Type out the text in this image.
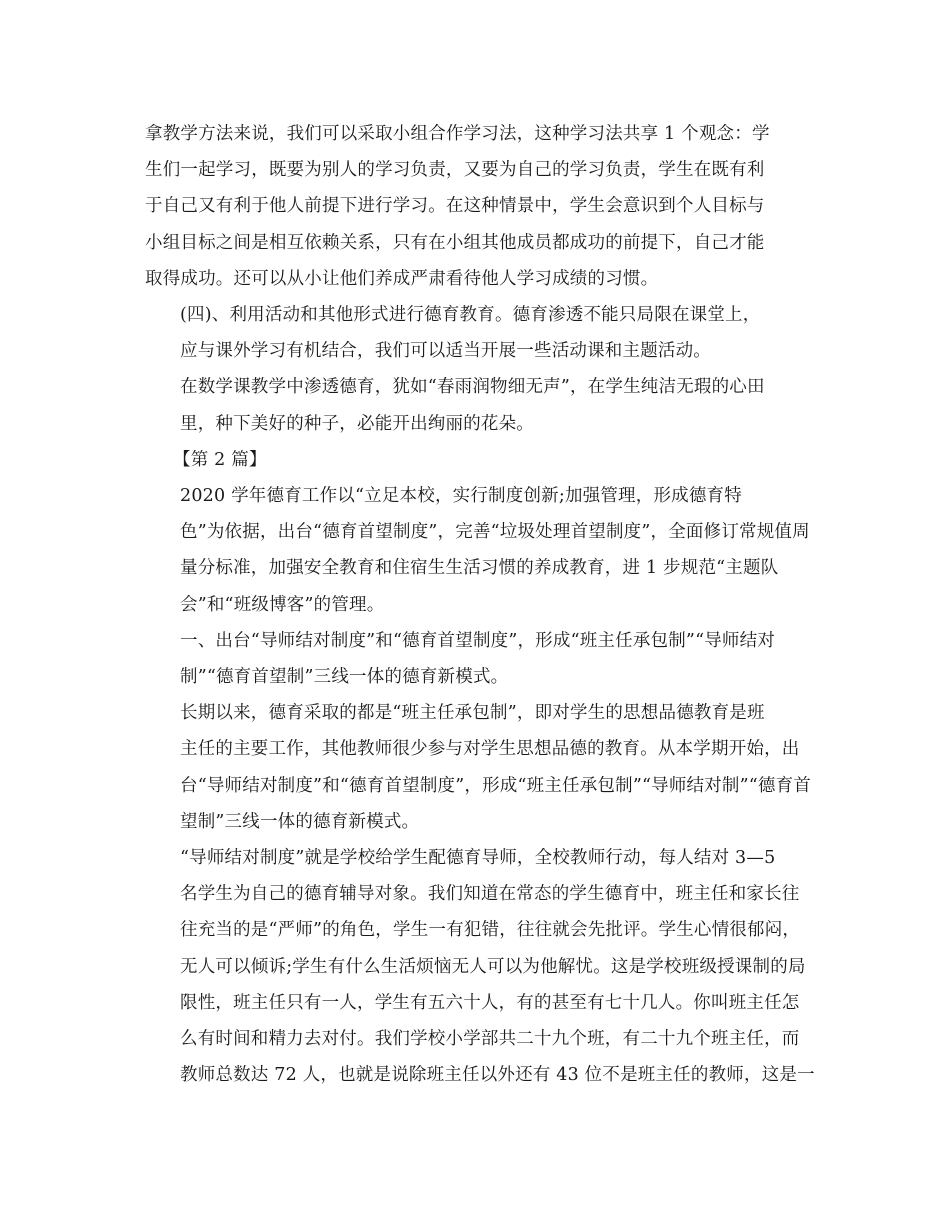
拿教学方法来说，我们可以采取小组合作学习法，这种学习法共享 1 个观念：学
生们一起学习，既要为别人的学习负责，又要为自己的学习负责，学生在既有利
于自己又有利于他人前提下进行学习。在这种情景中，学生会意识到个人目标与
小组目标之间是相互依赖关系，只有在小组其他成员都成功的前提下，自己才能
取得成功。还可以从小让他们养成严肃看待他人学习成绩的习惯。

(四)、利用活动和其他形式进行德育教育。德育渗透不能只局限在课堂上，
应与课外学习有机结合，我们可以适当开展一些活动课和主题活动。

在数学课教学中渗透德育，犹如“春雨润物细无声”，在学生纯洁无瑕的心田
里，种下美好的种子，必能开出绚丽的花朵。

【第 2 篇】

2020 学年德育工作以“立足本校，实行制度创新;加强管理，形成德育特
色”为依据，出台“德育首望制度”，完善“垃圾处理首望制度”，全面修订常规值周
量分标准，加强安全教育和住宿生生活习惯的养成教育，进 1 步规范“主题队
会”和“班级博客”的管理。

一、出台“导师结对制度”和“德育首望制度”，形成“班主任承包制”“导师结对
制”“德育首望制”三线一体的德育新模式。

长期以来，德育采取的都是“班主任承包制”，即对学生的思想品德教育是班
主任的主要工作，其他教师很少参与对学生思想品德的教育。从本学期开始，出
台“导师结对制度”和“德育首望制度”，形成“班主任承包制”“导师结对制”“德育首
望制”三线一体的德育新模式。

“导师结对制度”就是学校给学生配德育导师，全校教师行动，每人结对 3—5
名学生为自己的德育辅导对象。我们知道在常态的学生德育中，班主任和家长往
往充当的是“严师”的角色，学生一有犯错，往往就会先批评。学生心情很郁闷，
无人可以倾诉;学生有什么生活烦恼无人可以为他解忧。这是学校班级授课制的局
限性，班主任只有一人，学生有五六十人，有的甚至有七十几人。你叫班主任怎
么有时间和精力去对付。我们学校小学部共二十九个班，有二十九个班主任，而
教师总数达 72 人，也就是说除班主任以外还有 43 位不是班主任的教师，这是一
